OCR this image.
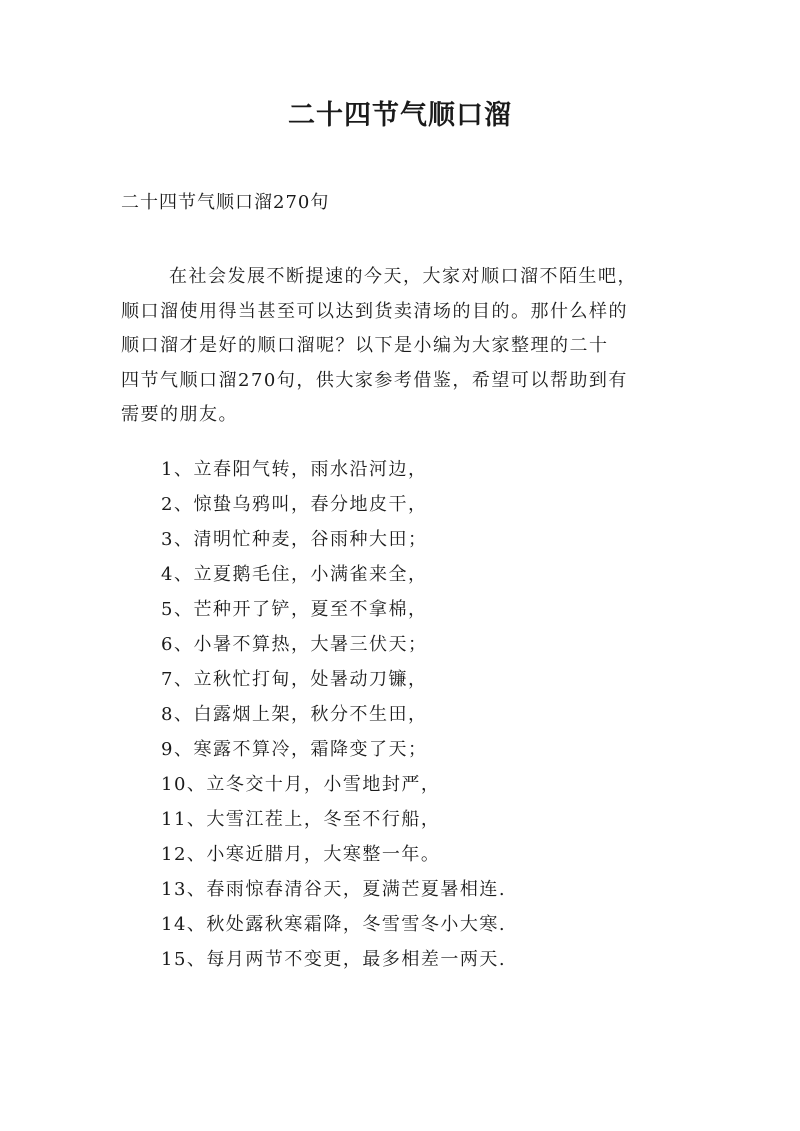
二十四节气顺口溜
二十四节气顺口溜270句
在社会发展不断提速的今天，大家对顺口溜不陌生吧，
顺口溜使用得当甚至可以达到货卖清场的目的。那什么样的
顺口溜才是好的顺口溜呢？以下是小编为大家整理的二十
四节气顺口溜270句，供大家参考借鉴，希望可以帮助到有
需要的朋友。
1、立春阳气转，雨水沿河边，
2、惊蛰乌鸦叫，春分地皮干，
3、清明忙种麦，谷雨种大田；
4、立夏鹅毛住，小满雀来全，
5、芒种开了铲，夏至不拿棉，
6、小暑不算热，大暑三伏天；
7、立秋忙打甸，处暑动刀镰，
8、白露烟上架，秋分不生田，
9、寒露不算冷，霜降变了天；
10、立冬交十月，小雪地封严，
11、大雪江茬上，冬至不行船，
12、小寒近腊月，大寒整一年。
13、春雨惊春清谷天，夏满芒夏暑相连.
14、秋处露秋寒霜降，冬雪雪冬小大寒.
15、每月两节不变更，最多相差一两天.
